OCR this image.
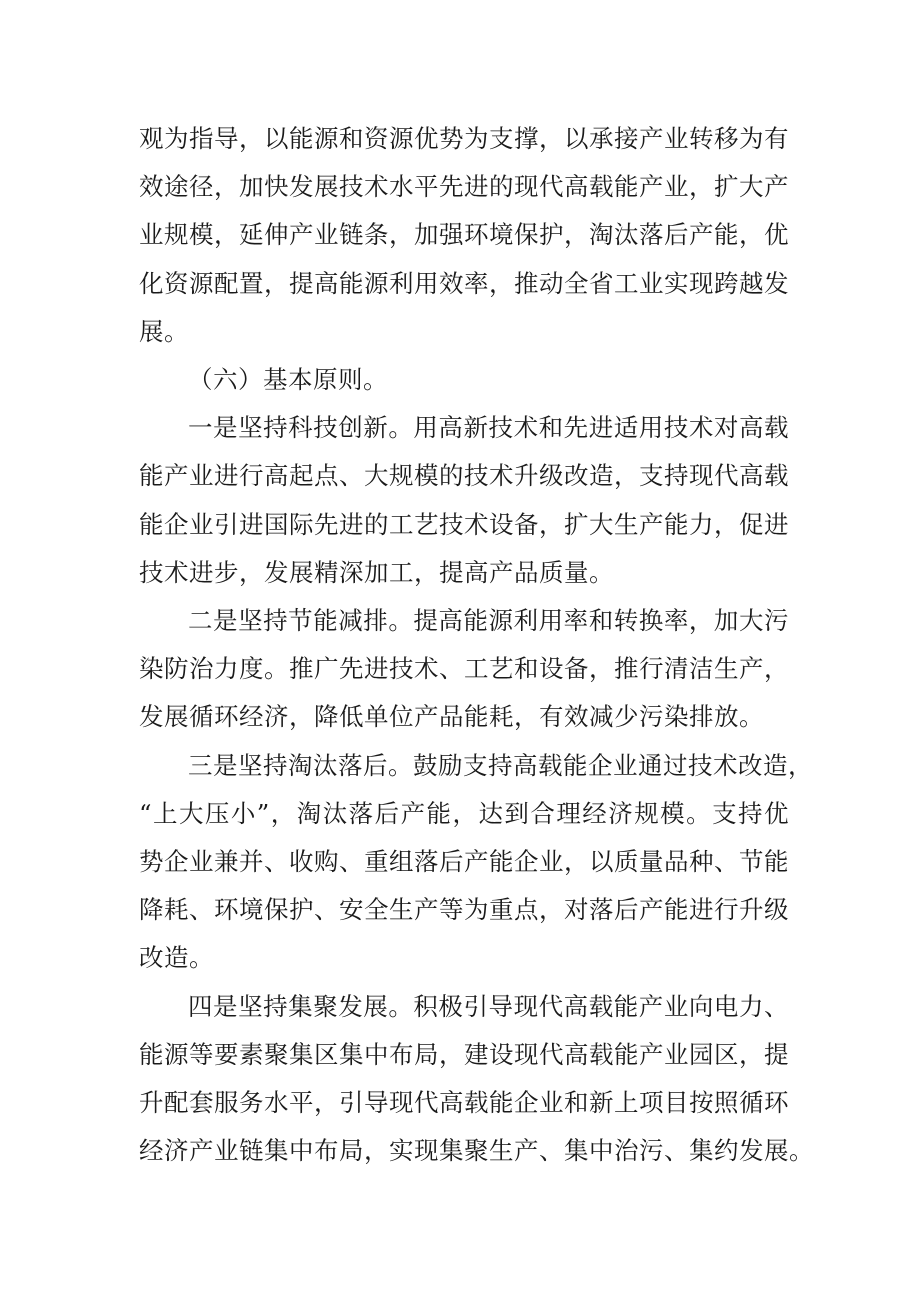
观为指导，以能源和资源优势为支撑，以承接产业转移为有
效途径，加快发展技术水平先进的现代高载能产业，扩大产
业规模，延伸产业链条，加强环境保护，淘汰落后产能，优
化资源配置，提高能源利用效率，推动全省工业实现跨越发
展。
（六）基本原则。
一是坚持科技创新。用高新技术和先进适用技术对高载
能产业进行高起点、大规模的技术升级改造，支持现代高载
能企业引进国际先进的工艺技术设备，扩大生产能力，促进
技术进步，发展精深加工，提高产品质量。
二是坚持节能减排。提高能源利用率和转换率，加大污
染防治力度。推广先进技术、工艺和设备，推行清洁生产，
发展循环经济，降低单位产品能耗，有效减少污染排放。
三是坚持淘汰落后。鼓励支持高载能企业通过技术改造，
“上大压小”，淘汰落后产能，达到合理经济规模。支持优
势企业兼并、收购、重组落后产能企业，以质量品种、节能
降耗、环境保护、安全生产等为重点，对落后产能进行升级
改造。
四是坚持集聚发展。积极引导现代高载能产业向电力、
能源等要素聚集区集中布局，建设现代高载能产业园区，提
升配套服务水平，引导现代高载能企业和新上项目按照循环
经济产业链集中布局，实现集聚生产、集中治污、集约发展。
